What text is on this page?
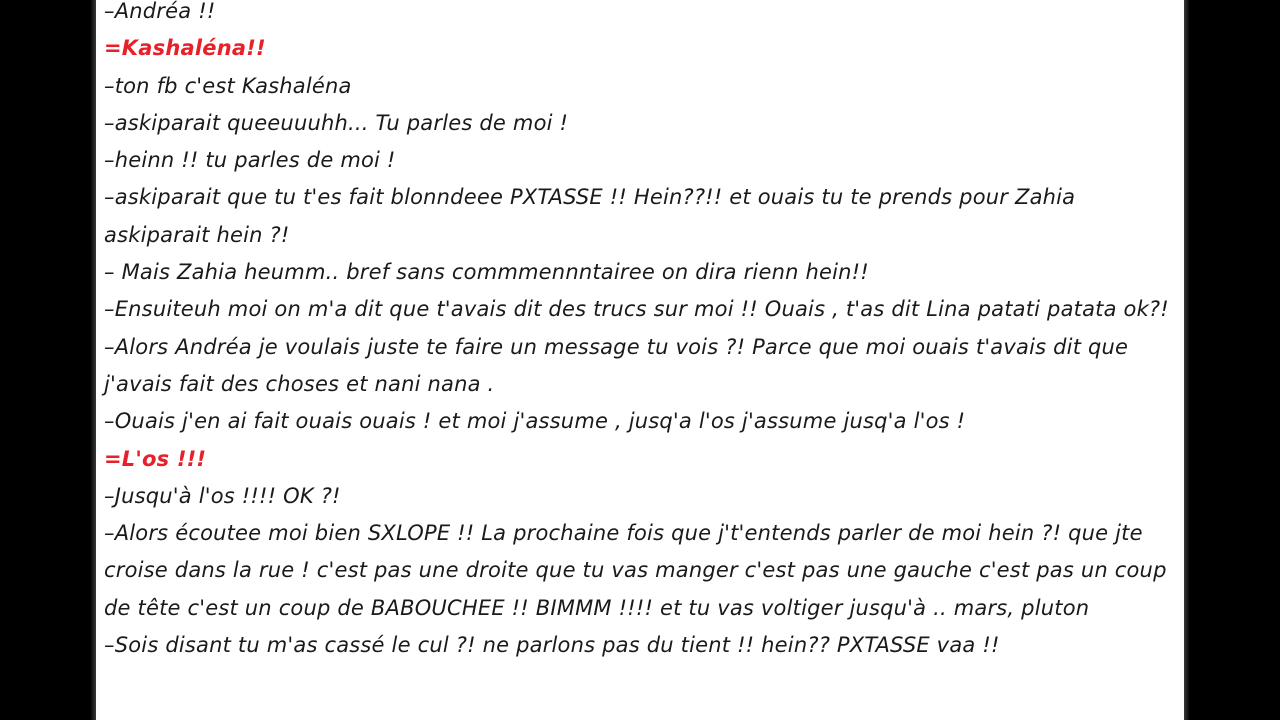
–Andréa !!
=Kashaléna!!
–ton fb c'est Kashaléna
–askiparait queeuuuhh... Tu parles de moi !
–heinn !! tu parles de moi !
–askiparait que tu t'es fait blonndeee PXTASSE !! Hein??!! et ouais tu te prends pour Zahia askiparait hein ?!
– Mais Zahia heumm.. bref sans commmennntairee on dira rienn hein!!
–Ensuiteuh moi on m'a dit que t'avais dit des trucs sur moi !! Ouais , t'as dit Lina patati patata ok?!
–Alors Andréa je voulais juste te faire un message tu vois ?! Parce que moi ouais t'avais dit que j'avais fait des choses et nani nana .
–Ouais j'en ai fait ouais ouais ! et moi j'assume , jusq'a l'os j'assume jusq'a l'os !
=L'os !!!
–Jusqu'à l'os !!!! OK ?!
–Alors écoutee moi bien SXLOPE !! La prochaine fois que j't'entends parler de moi hein ?! que jte croise dans la rue ! c'est pas une droite que tu vas manger c'est pas une gauche c'est pas un coup de tête c'est un coup de BABOUCHEE !! BIMMM !!!! et tu vas voltiger jusqu'à .. mars, pluton
–Sois disant tu m'as cassé le cul ?! ne parlons pas du tient !! hein?? PXTASSE vaa !!
